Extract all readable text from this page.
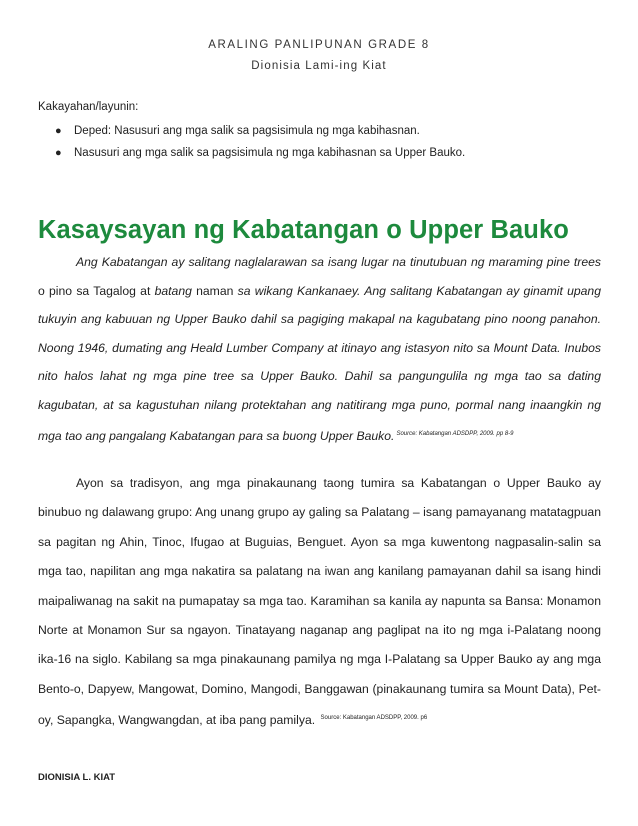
ARALING PANLIPUNAN GRADE 8
Dionisia Lami-ing Kiat
Kakayahan/layunin:
● Deped: Nasusuri ang mga salik sa pagsisimula ng mga kabihasnan.
● Nasusuri ang mga salik sa pagsisimula ng mga kabihasnan sa Upper Bauko.
Kasaysayan ng Kabatangan o Upper Bauko
Ang Kabatangan ay salitang naglalarawan sa isang lugar na tinutubuan ng maraming pine trees o pino sa Tagalog at batang naman sa wikang Kankanaey. Ang salitang Kabatangan ay ginamit upang tukuyin ang kabuuan ng Upper Bauko dahil sa pagiging makapal na kagubatang pino noong panahon. Noong 1946, dumating ang Heald Lumber Company at itinayo ang istasyon nito sa Mount Data. Inubos nito halos lahat ng mga pine tree sa Upper Bauko. Dahil sa pangungulila ng mga tao sa dating kagubatan, at sa kagustuhan nilang protektahan ang natitirang mga puno, pormal nang inaangkin ng mga tao ang pangalang Kabatangan para sa buong Upper Bauko. $^{Source: Kabatangan ADSDPP, 2009. pp 8-9}$
Ayon sa tradisyon, ang mga pinakaunang taong tumira sa Kabatangan o Upper Bauko ay binubuo ng dalawang grupo: Ang unang grupo ay galing sa Palatang – isang pamayanang matatagpuan sa pagitan ng Ahin, Tinoc, Ifugao at Buguias, Benguet. Ayon sa mga kuwentong nagpasalin-salin sa mga tao, napilitan ang mga nakatira sa palatang na iwan ang kanilang pamayanan dahil sa isang hindi maipaliwanag na sakit na pumapatay sa mga tao. Karamihan sa kanila ay napunta sa Bansa: Monamon Norte at Monamon Sur sa ngayon. Tinatayang naganap ang paglipat na ito ng mga i-Palatang noong ika-16 na siglo. Kabilang sa mga pinakaunang pamilya ng mga I-Palatang sa Upper Bauko ay ang mga Bento-o, Dapyew, Mangowat, Domino, Mangodi, Banggawan (pinakaunang tumira sa Mount Data), Pet-oy, Sapangka, Wangwangdan, at iba pang pamilya. $^{Source: Kabatangan ADSDPP, 2009. p6}$
DIONISIA L. KIAT
